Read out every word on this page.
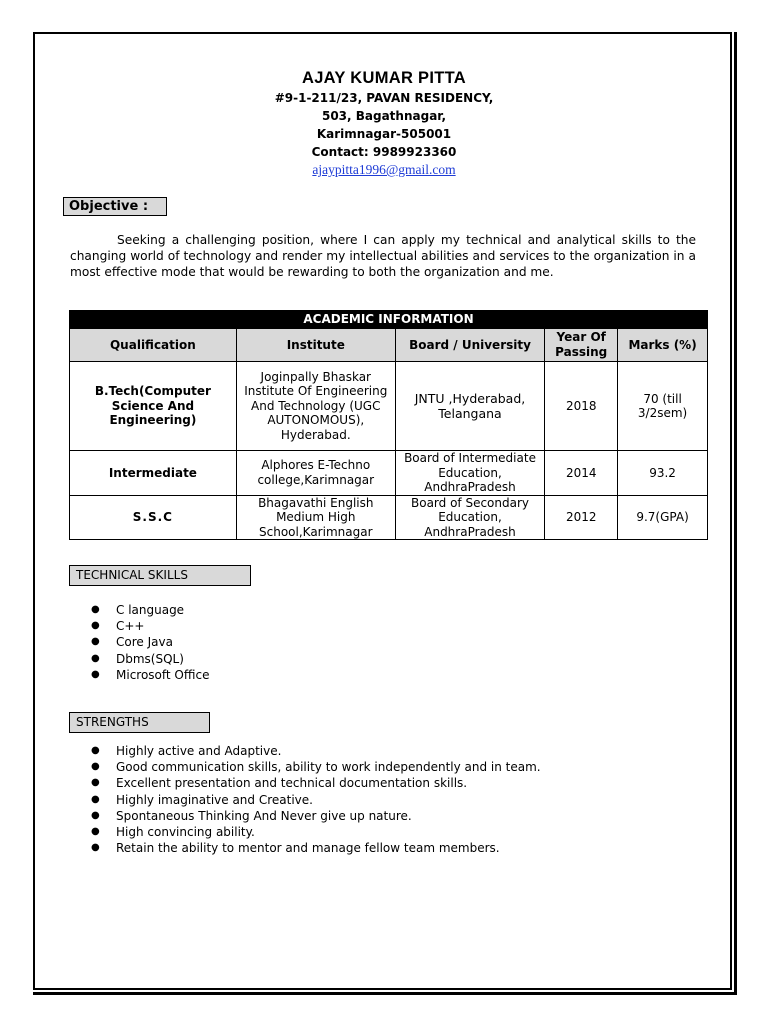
AJAY KUMAR PITTA
#9-1-211/23, PAVAN RESIDENCY,
503, Bagathnagar,
Karimnagar-505001
Contact: 9989923360
ajaypitta1996@gmail.com
Objective :
Seeking a challenging position, where I can apply my technical and analytical skills to the changing world of technology and render my intellectual abilities and services to the organization in a most effective mode that would be rewarding to both the organization and me.
ACADEMIC INFORMATION				
Qualification	Institute	Board / University	Year Of Passing	Marks (%)
B.Tech(Computer Science And Engineering)	Joginpally Bhaskar Institute Of Engineering And Technology (UGC AUTONOMOUS), Hyderabad.	JNTU ,Hyderabad, Telangana	2018	70 (till 3/2sem)
Intermediate	Alphores E-Techno college,Karimnagar	Board of Intermediate Education, AndhraPradesh	2014	93.2
S.S.C	Bhagavathi English Medium High School,Karimnagar	Board of Secondary Education, AndhraPradesh	2012	9.7(GPA)
TECHNICAL SKILLS
● C language
● C++
● Core Java
● Dbms(SQL)
● Microsoft Office
STRENGTHS
● Highly active and Adaptive.
● Good communication skills, ability to work independently and in team.
● Excellent presentation and technical documentation skills.
● Highly imaginative and Creative.
● Spontaneous Thinking And Never give up nature.
● High convincing ability.
● Retain the ability to mentor and manage fellow team members.
